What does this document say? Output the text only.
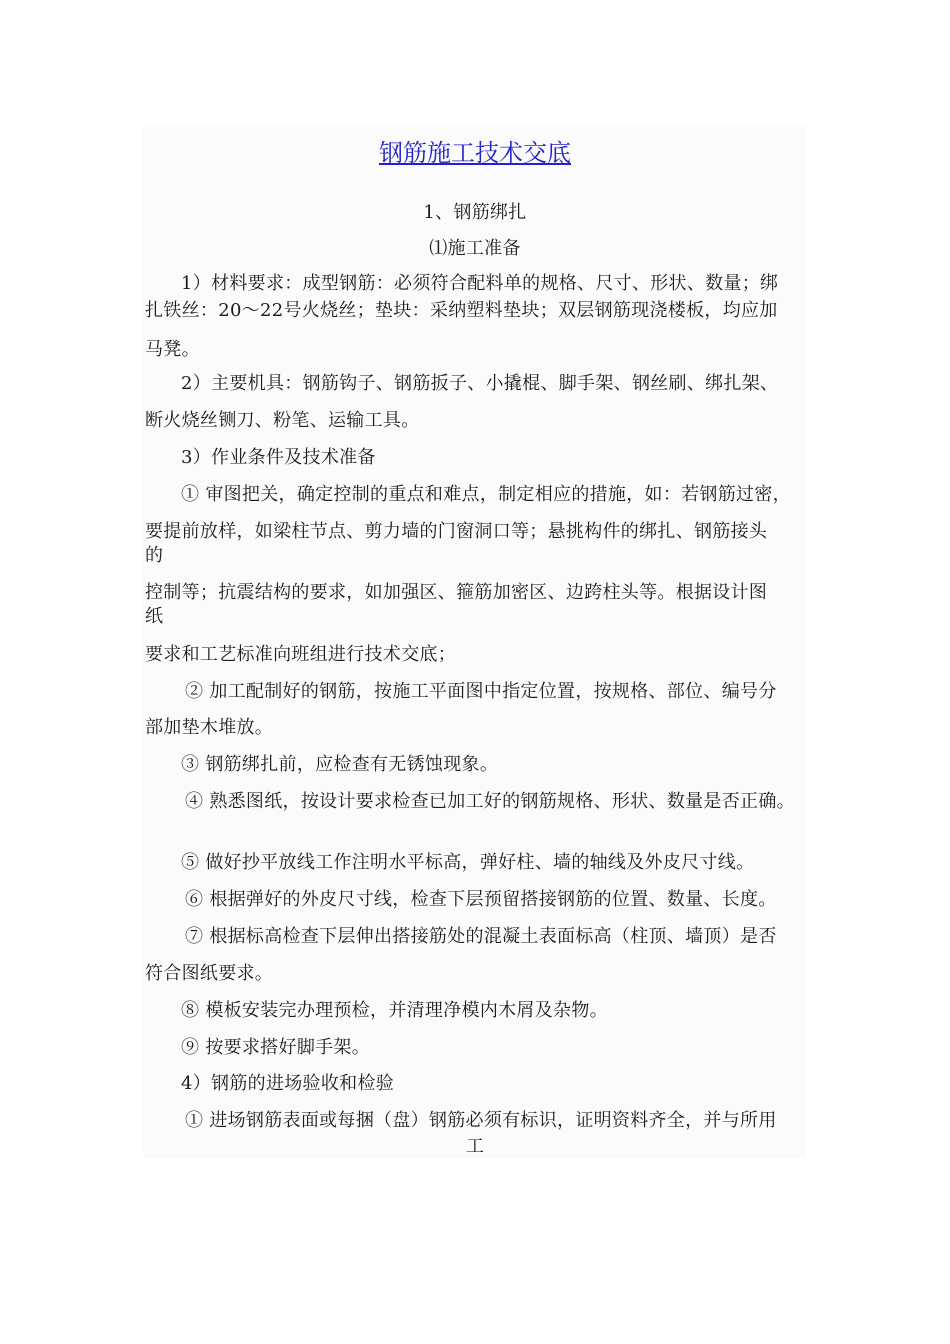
钢筋施工技术交底
1、钢筋绑扎
⑴施工准备
1）材料要求：成型钢筋：必须符合配料单的规格、尺寸、形状、数量；绑
扎铁丝：20～22号火烧丝；垫块：采纳塑料垫块；双层钢筋现浇楼板，均应加
马凳。
2）主要机具：钢筋钩子、钢筋扳子、小撬棍、脚手架、钢丝刷、绑扎架、
断火烧丝铡刀、粉笔、运输工具。
3）作业条件及技术准备
① 审图把关，确定控制的重点和难点，制定相应的措施，如：若钢筋过密，
要提前放样，如梁柱节点、剪力墙的门窗洞口等；悬挑构件的绑扎、钢筋接头
的
控制等；抗震结构的要求，如加强区、箍筋加密区、边跨柱头等。根据设计图
纸
要求和工艺标准向班组进行技术交底；
② 加工配制好的钢筋，按施工平面图中指定位置，按规格、部位、编号分
部加垫木堆放。
③ 钢筋绑扎前，应检查有无锈蚀现象。
④ 熟悉图纸，按设计要求检查已加工好的钢筋规格、形状、数量是否正确。
⑤ 做好抄平放线工作注明水平标高，弹好柱、墙的轴线及外皮尺寸线。
⑥ 根据弹好的外皮尺寸线，检查下层预留搭接钢筋的位置、数量、长度。
⑦ 根据标高检查下层伸出搭接筋处的混凝土表面标高（柱顶、墙顶）是否
符合图纸要求。
⑧ 模板安装完办理预检，并清理净模内木屑及杂物。
⑨ 按要求搭好脚手架。
4）钢筋的进场验收和检验
① 进场钢筋表面或每捆（盘）钢筋必须有标识，证明资料齐全，并与所用
工
